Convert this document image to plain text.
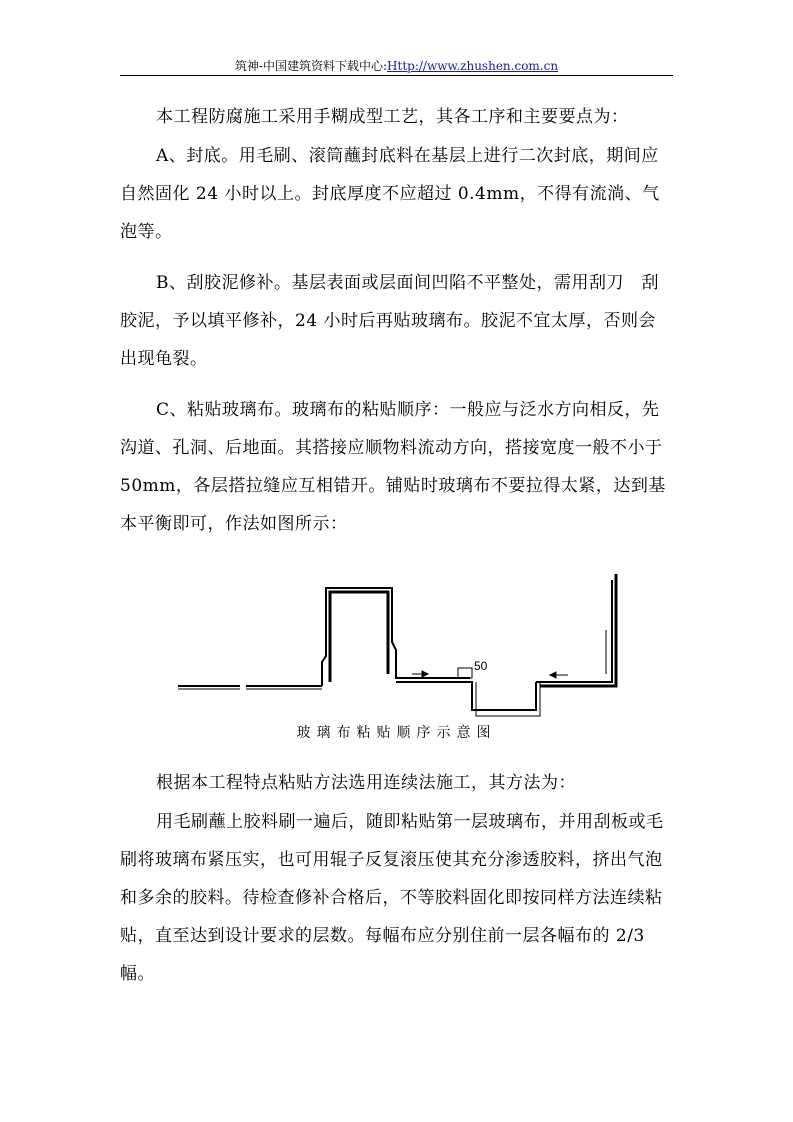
筑神-中国建筑资料下载中心:Http://www.zhushen.com.cn

本工程防腐施工采用手糊成型工艺，其各工序和主要要点为：

A、封底。用毛刷、滚筒蘸封底料在基层上进行二次封底，期间应自然固化 24 小时以上。封底厚度不应超过 0.4mm，不得有流淌、气泡等。

B、刮胶泥修补。基层表面或层面间凹陷不平整处，需用刮刀　刮胶泥，予以填平修补，24 小时后再贴玻璃布。胶泥不宜太厚，否则会出现龟裂。

C、粘贴玻璃布。玻璃布的粘贴顺序：一般应与泛水方向相反，先沟道、孔洞、后地面。其搭接应顺物料流动方向，搭接宽度一般不小于 50mm，各层搭拉缝应互相错开。铺贴时玻璃布不要拉得太紧，达到基本平衡即可，作法如图所示：

50
玻璃布粘贴顺序示意图

根据本工程特点粘贴方法选用连续法施工，其方法为：

用毛刷蘸上胶料刷一遍后，随即粘贴第一层玻璃布，并用刮板或毛刷将玻璃布紧压实，也可用辊子反复滚压使其充分渗透胶料，挤出气泡和多余的胶料。待检查修补合格后，不等胶料固化即按同样方法连续粘贴，直至达到设计要求的层数。每幅布应分别住前一层各幅布的 2/3 幅。
